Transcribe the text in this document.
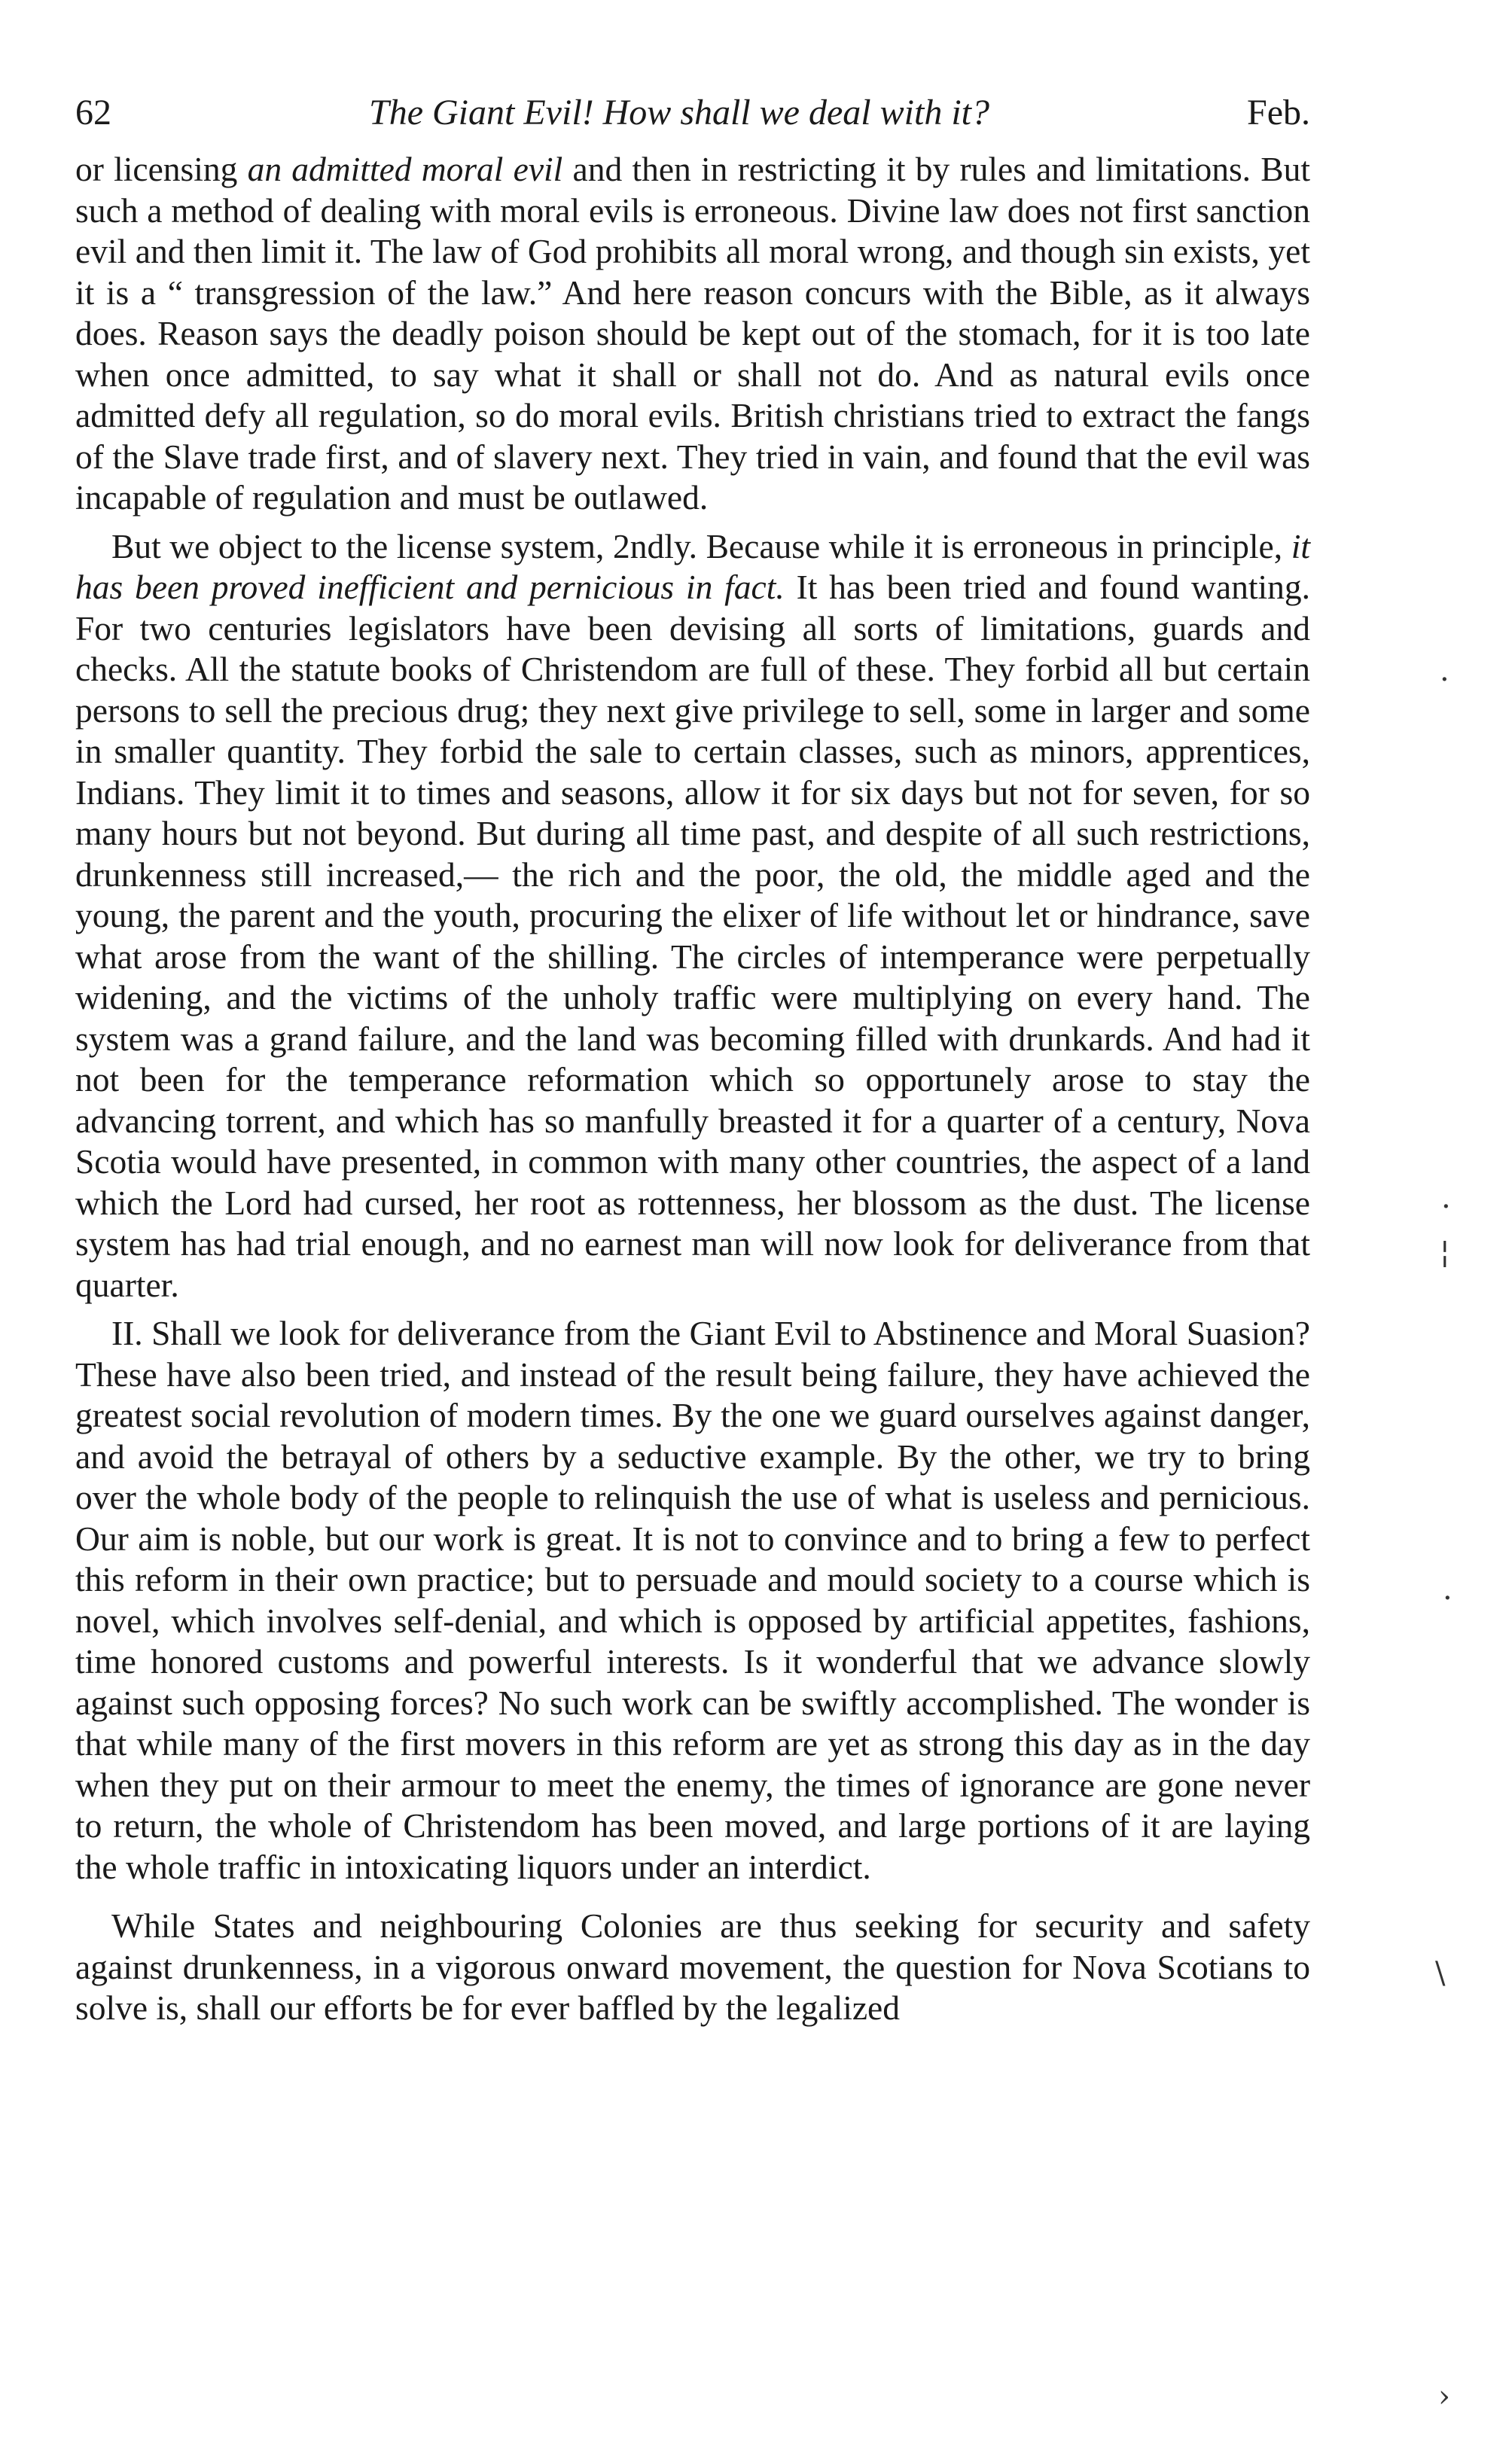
62	The Giant Evil! How shall we deal with it?	Feb.

or licensing an admitted moral evil and then in restricting it by rules and limitations. But such a method of dealing with moral evils is erroneous. Divine law does not first sanction evil and then limit it. The law of God prohibits all moral wrong, and though sin exists, yet it is a “ transgression of the law.” And here reason concurs with the Bible, as it always does. Reason says the deadly poison should be kept out of the stomach, for it is too late when once admitted, to say what it shall or shall not do. And as natural evils once admitted defy all regulation, so do moral evils. British christians tried to extract the fangs of the Slave trade first, and of slavery next. They tried in vain, and found that the evil was incapable of regulation and must be outlawed.

But we object to the license system, 2ndly. Because while it is erroneous in principle, it has been proved inefficient and pernicious in fact. It has been tried and found wanting. For two centuries legislators have been devising all sorts of limitations, guards and checks. All the statute books of Christendom are full of these. They forbid all but certain persons to sell the precious drug; they next give privilege to sell, some in larger and some in smaller quantity. They forbid the sale to certain classes, such as minors, apprentices, Indians. They limit it to times and seasons, allow it for six days but not for seven, for so many hours but not beyond. But during all time past, and despite of all such restrictions, drunkenness still increased,— the rich and the poor, the old, the middle aged and the young, the parent and the youth, procuring the elixer of life without let or hindrance, save what arose from the want of the shilling. The circles of intemperance were perpetually widening, and the victims of the unholy traffic were multiplying on every hand. The system was a grand failure, and the land was becoming filled with drunkards. And had it not been for the temperance reformation which so opportunely arose to stay the advancing torrent, and which has so manfully breasted it for a quarter of a century, Nova Scotia would have presented, in common with many other countries, the aspect of a land which the Lord had cursed, her root as rottenness, her blossom as the dust. The license system has had trial enough, and no earnest man will now look for deliverance from that quarter.

II. Shall we look for deliverance from the Giant Evil to Abstinence and Moral Suasion? These have also been tried, and instead of the result being failure, they have achieved the greatest social revolution of modern times. By the one we guard ourselves against danger, and avoid the betrayal of others by a seductive example. By the other, we try to bring over the whole body of the people to relinquish the use of what is useless and pernicious. Our aim is noble, but our work is great. It is not to convince and to bring a few to perfect this reform in their own practice; but to persuade and mould society to a course which is novel, which involves self-denial, and which is opposed by artificial appetites, fashions, time honored customs and powerful interests. Is it wonderful that we advance slowly against such opposing forces? No such work can be swiftly accomplished. The wonder is that while many of the first movers in this reform are yet as strong this day as in the day when they put on their armour to meet the enemy, the times of ignorance are gone never to return, the whole of Christendom has been moved, and large portions of it are laying the whole traffic in intoxicating liquors under an interdict.

While States and neighbouring Colonies are thus seeking for security and safety against drunkenness, in a vigorous onward movement, the question for Nova Scotians to solve is, shall our efforts be for ever baffled by the legalized

·
·
¦
·
\
›
